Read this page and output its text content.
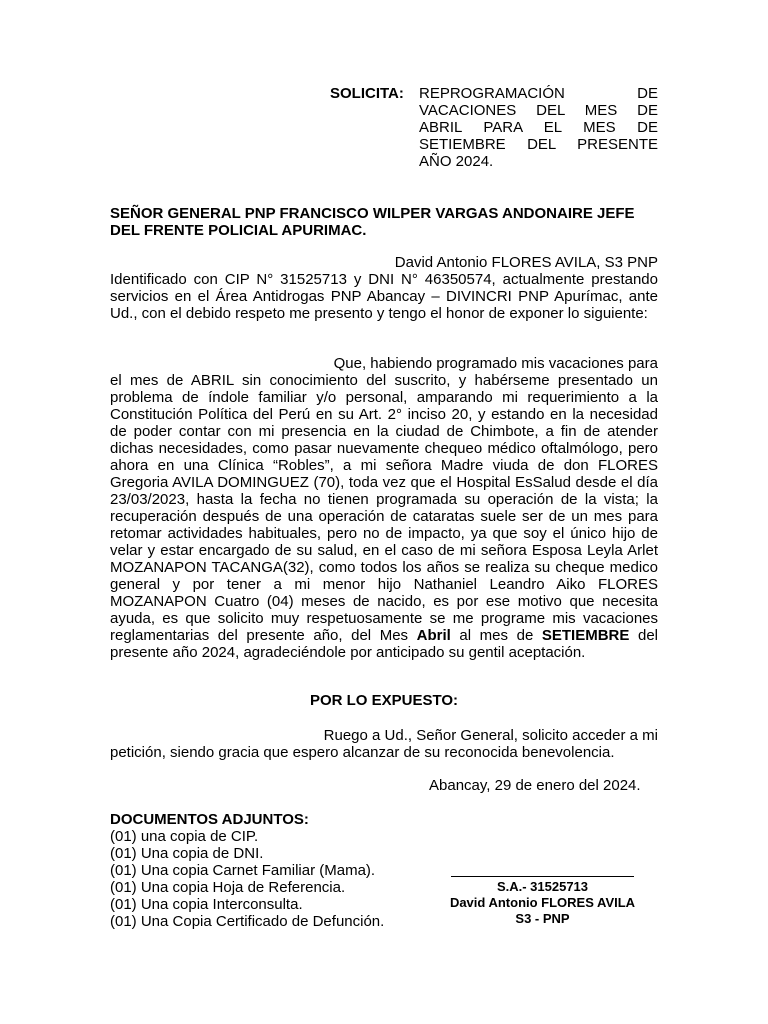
SOLICITA: REPROGRAMACIÓN DE
VACACIONES DEL MES DE
ABRIL PARA EL MES DE
SETIEMBRE DEL PRESENTE
AÑO 2024.
SEÑOR GENERAL PNP FRANCISCO WILPER VARGAS ANDONAIRE JEFE DEL FRENTE POLICIAL APURIMAC.
David Antonio FLORES AVILA, S3 PNP
Identificado con CIP N° 31525713 y DNI N° 46350574, actualmente prestando servicios en el Área Antidrogas PNP Abancay – DIVINCRI PNP Apurímac, ante Ud., con el debido respeto me presento y tengo el honor de exponer lo siguiente:
Que, habiendo programado mis vacaciones para
el mes de ABRIL sin conocimiento del suscrito, y habérseme presentado un problema de índole familiar y/o personal, amparando mi requerimiento a la Constitución Política del Perú en su Art. 2° inciso 20, y estando en la necesidad de poder contar con mi presencia en la ciudad de Chimbote, a fin de atender dichas necesidades, como pasar nuevamente chequeo médico oftalmólogo, pero ahora en una Clínica “Robles”, a mi señora Madre viuda de don FLORES Gregoria AVILA DOMINGUEZ (70), toda vez que el Hospital EsSalud desde el día 23/03/2023, hasta la fecha no tienen programada su operación de la vista; la recuperación después de una operación de cataratas suele ser de un mes para retomar actividades habituales, pero no de impacto, ya que soy el único hijo de velar y estar encargado de su salud, en el caso de mi señora Esposa Leyla Arlet MOZANAPON TACANGA(32), como todos los años se realiza su cheque medico general y por tener a mi menor hijo Nathaniel Leandro Aiko FLORES MOZANAPON Cuatro (04) meses de nacido, es por ese motivo que necesita ayuda, es que solicito muy respetuosamente se me programe mis vacaciones reglamentarias del presente año, del Mes Abril al mes de SETIEMBRE del presente año 2024, agradeciéndole por anticipado su gentil aceptación.
POR LO EXPUESTO:
Ruego a Ud., Señor General, solicito acceder a mi
petición, siendo gracia que espero alcanzar de su reconocida benevolencia.
Abancay, 29 de enero del 2024.
DOCUMENTOS ADJUNTOS:
(01) una copia de CIP.
(01) Una copia de DNI.
(01) Una copia Carnet Familiar (Mama).
(01) Una copia Hoja de Referencia.
(01) Una copia Interconsulta.
(01) Una Copia Certificado de Defunción.
S.A.- 31525713
David Antonio FLORES AVILA
S3 - PNP
